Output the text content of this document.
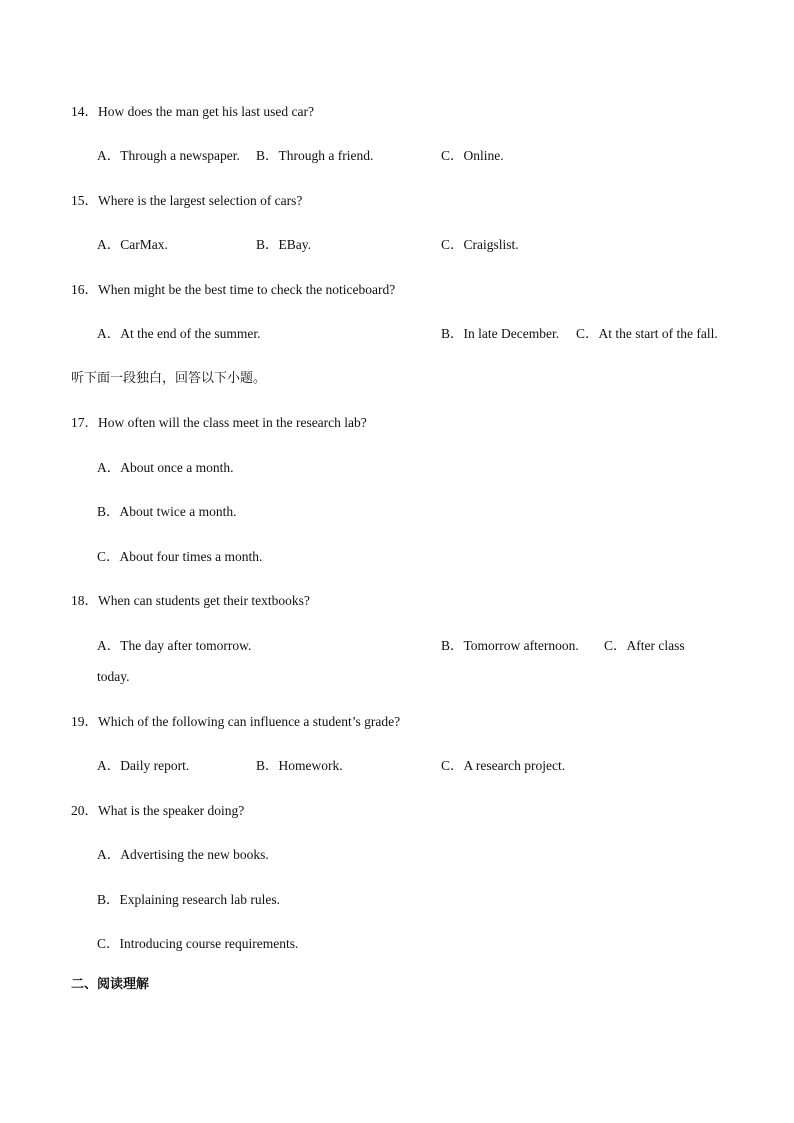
14．How does the man get his last used car?
A．Through a newspaper. B．Through a friend.	C．Online.
15．Where is the largest selection of cars?
A．CarMax.	B．EBay.	C．Craigslist.
16．When might be the best time to check the noticeboard?
A．At the end of the summer.	B．In late December. C．At the start of the fall.
听下面一段独白，回答以下小题。
17．How often will the class meet in the research lab?
A．About once a month.
B．About twice a month.
C．About four times a month.
18．When can students get their textbooks?
A．The day after tomorrow.	B．Tomorrow afternoon. C．After class
today.
19．Which of the following can influence a student’s grade?
A．Daily report.	B．Homework.	C．A research project.
20．What is the speaker doing?
A．Advertising the new books.
B．Explaining research lab rules.
C．Introducing course requirements.
二、阅读理解
